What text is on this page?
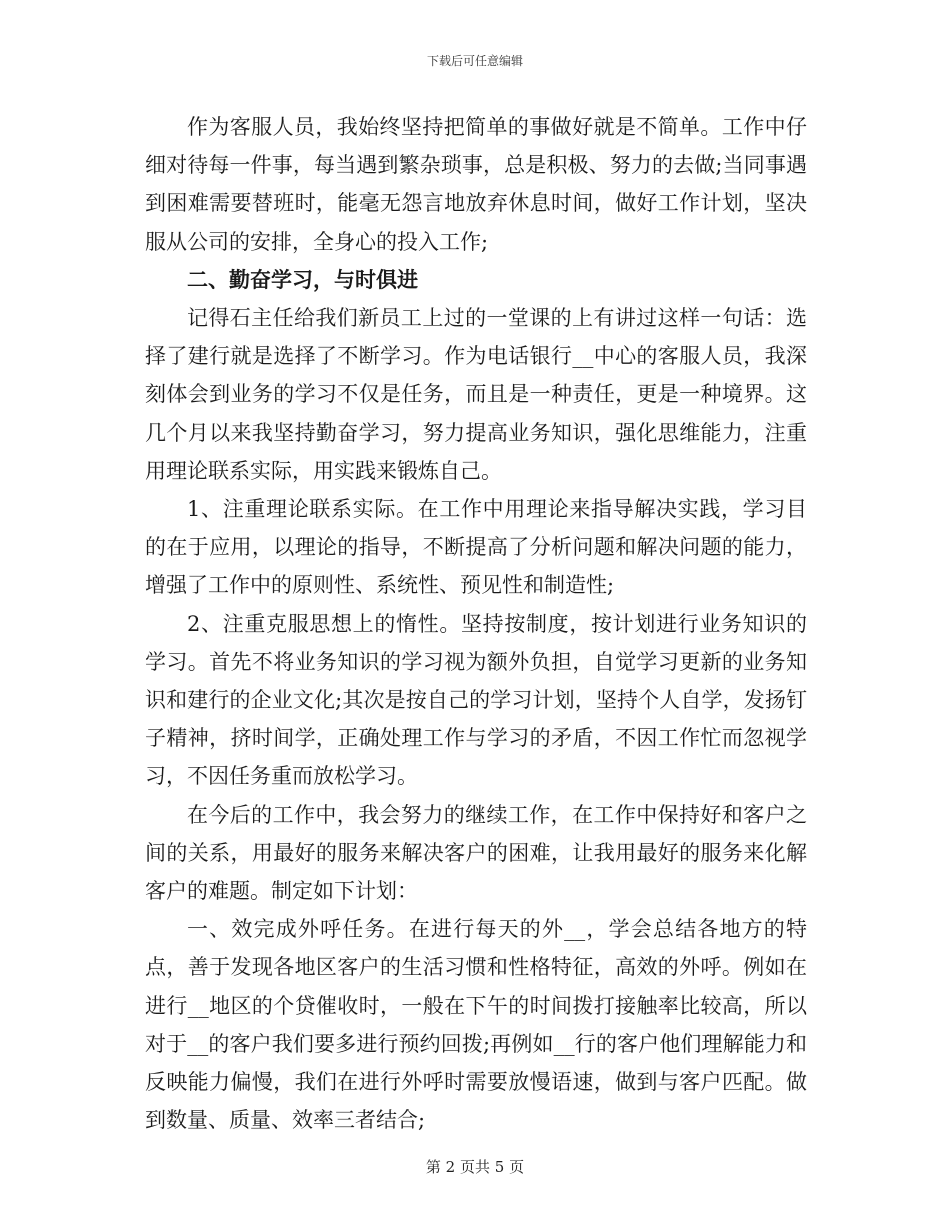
下载后可任意编辑

作为客服人员，我始终坚持把简单的事做好就是不简单。工作中仔细对待每一件事，每当遇到繁杂琐事，总是积极、努力的去做;当同事遇到困难需要替班时，能毫无怨言地放弃休息时间，做好工作计划，坚决服从公司的安排，全身心的投入工作;

二、勤奋学习，与时俱进

记得石主任给我们新员工上过的一堂课的上有讲过这样一句话：选择了建行就是选择了不断学习。作为电话银行__中心的客服人员，我深刻体会到业务的学习不仅是任务，而且是一种责任，更是一种境界。这几个月以来我坚持勤奋学习，努力提高业务知识，强化思维能力，注重用理论联系实际，用实践来锻炼自己。

1、注重理论联系实际。在工作中用理论来指导解决实践，学习目的在于应用，以理论的指导，不断提高了分析问题和解决问题的能力，增强了工作中的原则性、系统性、预见性和制造性;

2、注重克服思想上的惰性。坚持按制度，按计划进行业务知识的学习。首先不将业务知识的学习视为额外负担，自觉学习更新的业务知识和建行的企业文化;其次是按自己的学习计划，坚持个人自学，发扬钉子精神，挤时间学，正确处理工作与学习的矛盾，不因工作忙而忽视学习，不因任务重而放松学习。

在今后的工作中，我会努力的继续工作，在工作中保持好和客户之间的关系，用最好的服务来解决客户的困难，让我用最好的服务来化解客户的难题。制定如下计划：

一、效完成外呼任务。在进行每天的外__，学会总结各地方的特点，善于发现各地区客户的生活习惯和性格特征，高效的外呼。例如在进行__地区的个贷催收时，一般在下午的时间拨打接触率比较高，所以对于__的客户我们要多进行预约回拨;再例如__行的客户他们理解能力和反映能力偏慢，我们在进行外呼时需要放慢语速，做到与客户匹配。做到数量、质量、效率三者结合;

第 2 页共 5 页
